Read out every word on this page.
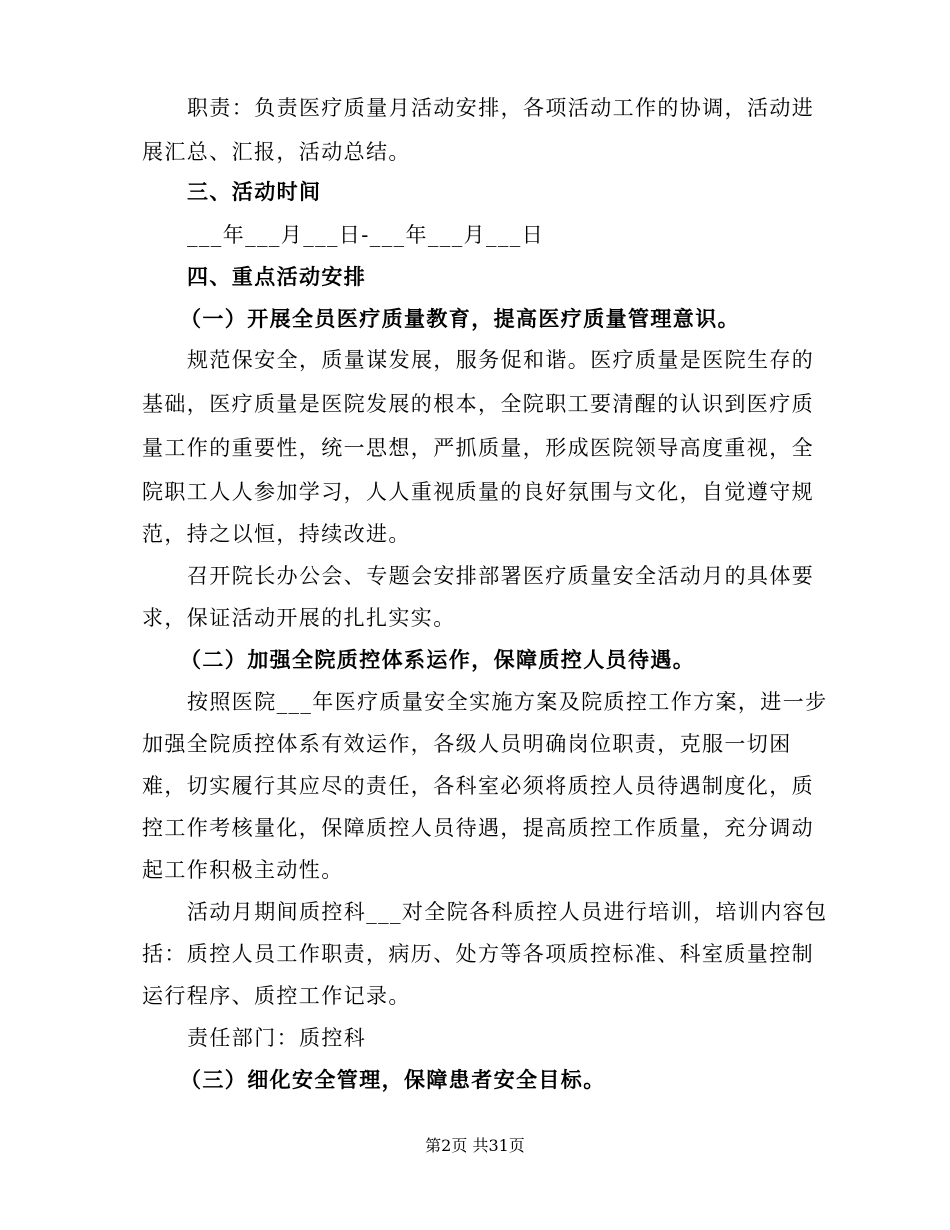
职责：负责医疗质量月活动安排，各项活动工作的协调，活动进
展汇总、汇报，活动总结。
三、活动时间
___年___月___日-___年___月___日
四、重点活动安排
（一）开展全员医疗质量教育，提高医疗质量管理意识。
规范保安全，质量谋发展，服务促和谐。医疗质量是医院生存的
基础，医疗质量是医院发展的根本，全院职工要清醒的认识到医疗质
量工作的重要性，统一思想，严抓质量，形成医院领导高度重视，全
院职工人人参加学习，人人重视质量的良好氛围与文化，自觉遵守规
范，持之以恒，持续改进。
召开院长办公会、专题会安排部署医疗质量安全活动月的具体要
求，保证活动开展的扎扎实实。
（二）加强全院质控体系运作，保障质控人员待遇。
按照医院___年医疗质量安全实施方案及院质控工作方案，进一步
加强全院质控体系有效运作，各级人员明确岗位职责，克服一切困
难，切实履行其应尽的责任，各科室必须将质控人员待遇制度化，质
控工作考核量化，保障质控人员待遇，提高质控工作质量，充分调动
起工作积极主动性。
活动月期间质控科___对全院各科质控人员进行培训，培训内容包
括：质控人员工作职责，病历、处方等各项质控标准、科室质量控制
运行程序、质控工作记录。
责任部门：质控科
（三）细化安全管理，保障患者安全目标。
第2页 共31页
